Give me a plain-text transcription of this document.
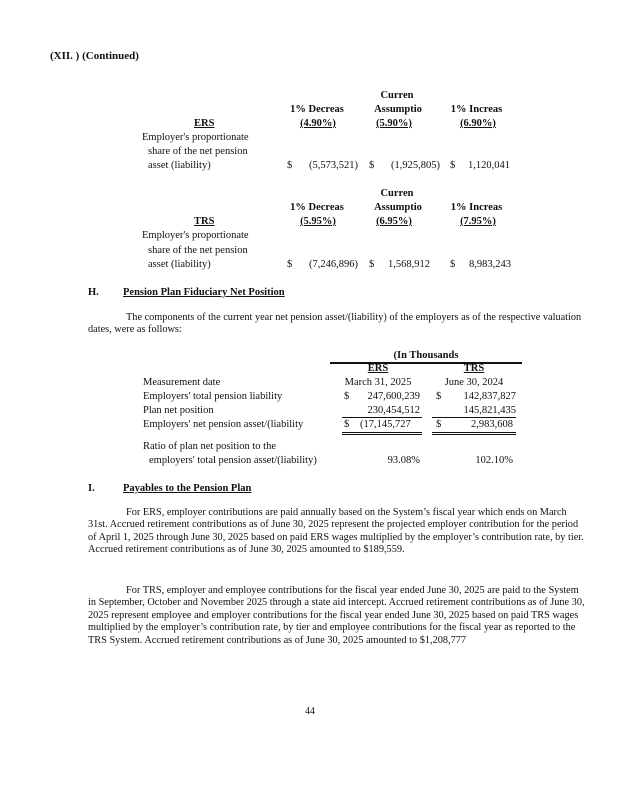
(XII. ) (Continued)
Curren
1% Decreas	Assumptio	1% Increas
ERS	(4.90%)	(5.90%)	(6.90%)
Employer's proportionate
share of the net pension
asset (liability)	$	(5,573,521) $	(1,925,805) $	1,120,041
Curren
1% Decreas	Assumptio	1% Increas
TRS	(5.95%)	(6.95%)	(7.95%)
Employer's proportionate
share of the net pension
asset (liability)	$	(7,246,896) $	1,568,912 $	8,983,243
H. Pension Plan Fiduciary Net Position
The components of the current year net pension asset/(liability) of the employers as of the respective valuation dates, were as follows:
(In Thousands
ERS	TRS
Measurement date	March 31, 2025	June 30, 2024
Employers' total pension liability	$	247,600,239 $	142,837,827
Plan net position	230,454,512	145,821,435
Employers' net pension asset/(liability	$ (17,145,727	$	2,983,608
Ratio of plan net position to the
employers' total pension asset/(liability)	93.08%	102.10%
I.	Payables to the Pension Plan
For ERS, employer contributions are paid annually based on the System’s fiscal year which ends on March 31st. Accrued retirement contributions as of June 30, 2025 represent the projected employer contribution for the period of April 1, 2025 through June 30, 2025 based on paid ERS wages multiplied by the employer’s contribution rate, by tier. Accrued retirement contributions as of June 30, 2025 amounted to $189,559.
For TRS, employer and employee contributions for the fiscal year ended June 30, 2025 are paid to the System in September, October and November 2025 through a state aid intercept. Accrued retirement contributions as of June 30, 2025 represent employee and employer contributions for the fiscal year ended June 30, 2025 based on paid TRS wages multiplied by the employer’s contribution rate, by tier and employee contributions for the fiscal year as reported to the TRS System. Accrued retirement contributions as of June 30, 2025 amounted to $1,208,777
44
